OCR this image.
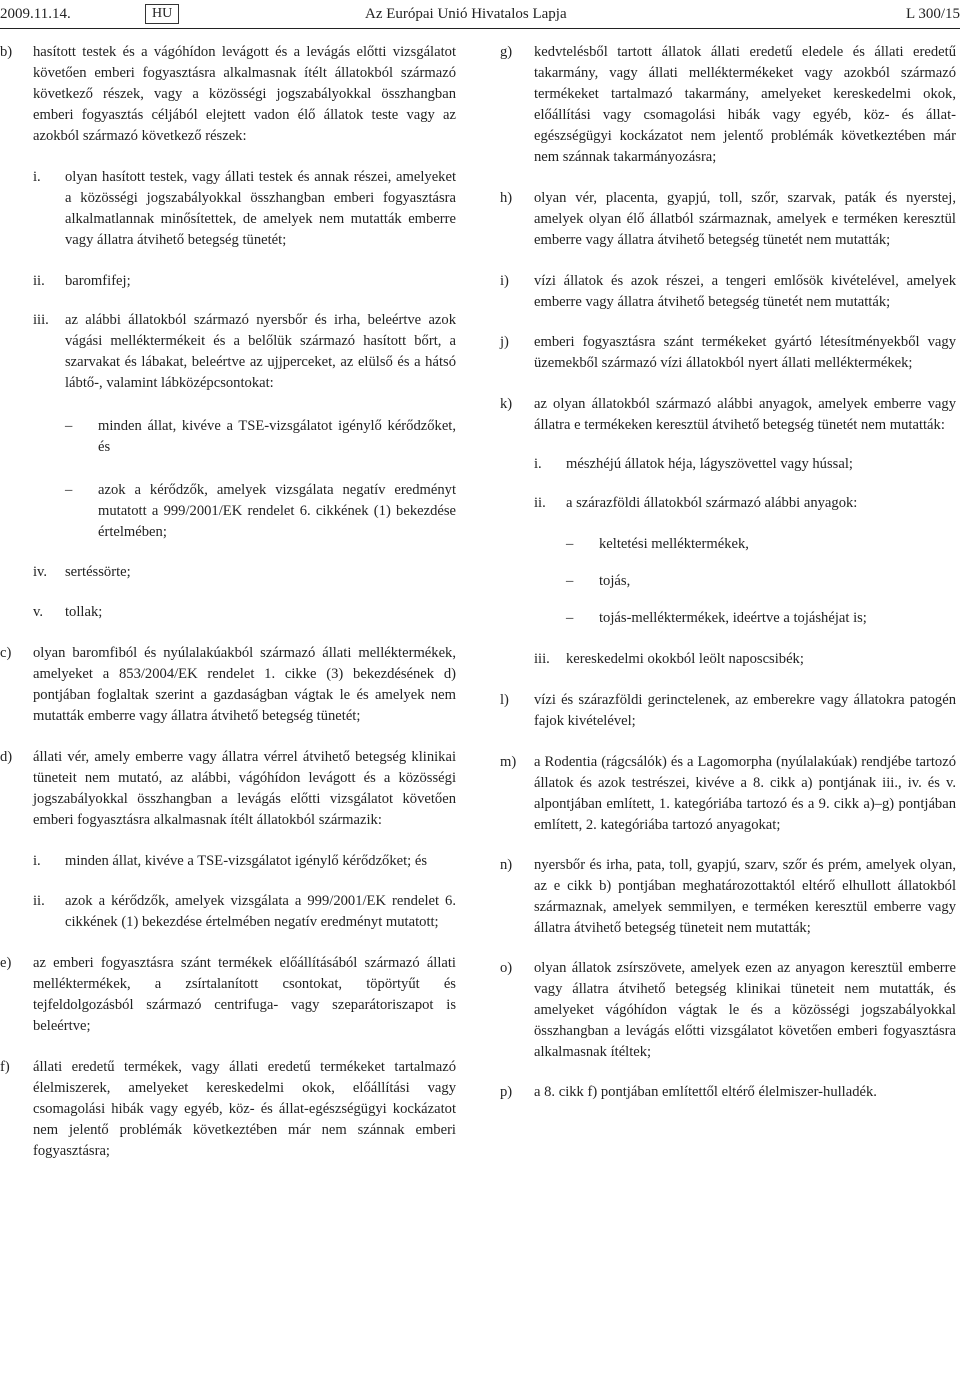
2009.11.14.	HU	Az Európai Unió Hivatalos Lapja	L 300/15
b)	hasított testek és a vágóhídon levágott és a levágás előtti vizsgálatot követően emberi fogyasztásra alkalmasnak ítélt állatokból származó következő részek, vagy a közösségi jogszabályokkal összhangban emberi fogyasztás céljából elejtett vadon élő állatok teste vagy az azokból származó következő részek:
i.	olyan hasított testek, vagy állati testek és annak részei, amelyeket a közösségi jogszabályokkal összhangban emberi fogyasztásra alkalmatlannak minősítettek, de amelyek nem mutatták emberre vagy állatra átvihető betegség tünetét;
ii.	baromfifej;
iii.	az alábbi állatokból származó nyersbőr és irha, beleértve azok vágási melléktermékeit és a belőlük származó hasított bőrt, a szarvakat és lábakat, beleértve az ujjperceket, az elülső és a hátsó lábtő-, valamint lábközépcsontokat:
–	minden állat, kivéve a TSE-vizsgálatot igénylő kérődzőket, és
–	azok a kérődzők, amelyek vizsgálata negatív eredményt mutatott a 999/2001/EK rendelet 6. cikkének (1) bekezdése értelmében;
iv.	sertéssörte;
v.	tollak;
c)	olyan baromfiból és nyúlalakúakból származó állati melléktermékek, amelyeket a 853/2004/EK rendelet 1. cikke (3) bekezdésének d) pontjában foglaltak szerint a gazdaságban vágtak le és amelyek nem mutatták emberre vagy állatra átvihető betegség tünetét;
d)	állati vér, amely emberre vagy állatra vérrel átvihető betegség klinikai tüneteit nem mutató, az alábbi, vágóhídon levágott és a közösségi jogszabályokkal összhangban a levágás előtti vizsgálatot követően emberi fogyasztásra alkalmasnak ítélt állatokból származik:
i.	minden állat, kivéve a TSE-vizsgálatot igénylő kérődzőket; és
ii.	azok a kérődzők, amelyek vizsgálata a 999/2001/EK rendelet 6. cikkének (1) bekezdése értelmében negatív eredményt mutatott;
e)	az emberi fogyasztásra szánt termékek előállításából származó állati melléktermékek, a zsírtalanított csontokat, töpörtyűt és tejfeldolgozásból származó centrifuga- vagy szeparátoriszapot is beleértve;
f)	állati eredetű termékek, vagy állati eredetű termékeket tartalmazó élelmiszerek, amelyeket kereskedelmi okok, előállítási vagy csomagolási hibák vagy egyéb, köz- és állat-egészségügyi kockázatot nem jelentő problémák következtében már nem szánnak emberi fogyasztásra;
g)	kedvtelésből tartott állatok állati eredetű eledele és állati eredetű takarmány, vagy állati melléktermékeket vagy azokból származó termékeket tartalmazó takarmány, amelyeket kereskedelmi okok, előállítási vagy csomagolási hibák vagy egyéb, köz- és állat-egészségügyi kockázatot nem jelentő problémák következtében már nem szánnak takarmányozásra;
h)	olyan vér, placenta, gyapjú, toll, szőr, szarvak, paták és nyerstej, amelyek olyan élő állatból származnak, amelyek e terméken keresztül emberre vagy állatra átvihető betegség tünetét nem mutatták;
i)	vízi állatok és azok részei, a tengeri emlősök kivételével, amelyek emberre vagy állatra átvihető betegség tünetét nem mutatták;
j)	emberi fogyasztásra szánt termékeket gyártó létesítményekből vagy üzemekből származó vízi állatokból nyert állati melléktermékek;
k)	az olyan állatokból származó alábbi anyagok, amelyek emberre vagy állatra e termékeken keresztül átvihető betegség tünetét nem mutatták:
i.	mészhéjú állatok héja, lágyszövettel vagy hússal;
ii.	a szárazföldi állatokból származó alábbi anyagok:
–	keltetési melléktermékek,
–	tojás,
–	tojás-melléktermékek, ideértve a tojáshéjat is;
iii.	kereskedelmi okokból leölt naposcsibék;
l)	vízi és szárazföldi gerinctelenek, az emberekre vagy állatokra patogén fajok kivételével;
m)	a Rodentia (rágcsálók) és a Lagomorpha (nyúlalakúak) rendjébe tartozó állatok és azok testrészei, kivéve a 8. cikk a) pontjának iii., iv. és v. alpontjában említett, 1. kategóriába tartozó és a 9. cikk a)–g) pontjában említett, 2. kategóriába tartozó anyagokat;
n)	nyersbőr és irha, pata, toll, gyapjú, szarv, szőr és prém, amelyek olyan, az e cikk b) pontjában meghatározottaktól eltérő elhullott állatokból származnak, amelyek semmilyen, e terméken keresztül emberre vagy állatra átvihető betegség tüneteit nem mutatták;
o)	olyan állatok zsírszövete, amelyek ezen az anyagon keresztül emberre vagy állatra átvihető betegség klinikai tüneteit nem mutatták, és amelyeket vágóhídon vágtak le és a közösségi jogszabályokkal összhangban a levágás előtti vizsgálatot követően emberi fogyasztásra alkalmasnak ítéltek;
p)	a 8. cikk f) pontjában említettől eltérő élelmiszer-hulladék.
